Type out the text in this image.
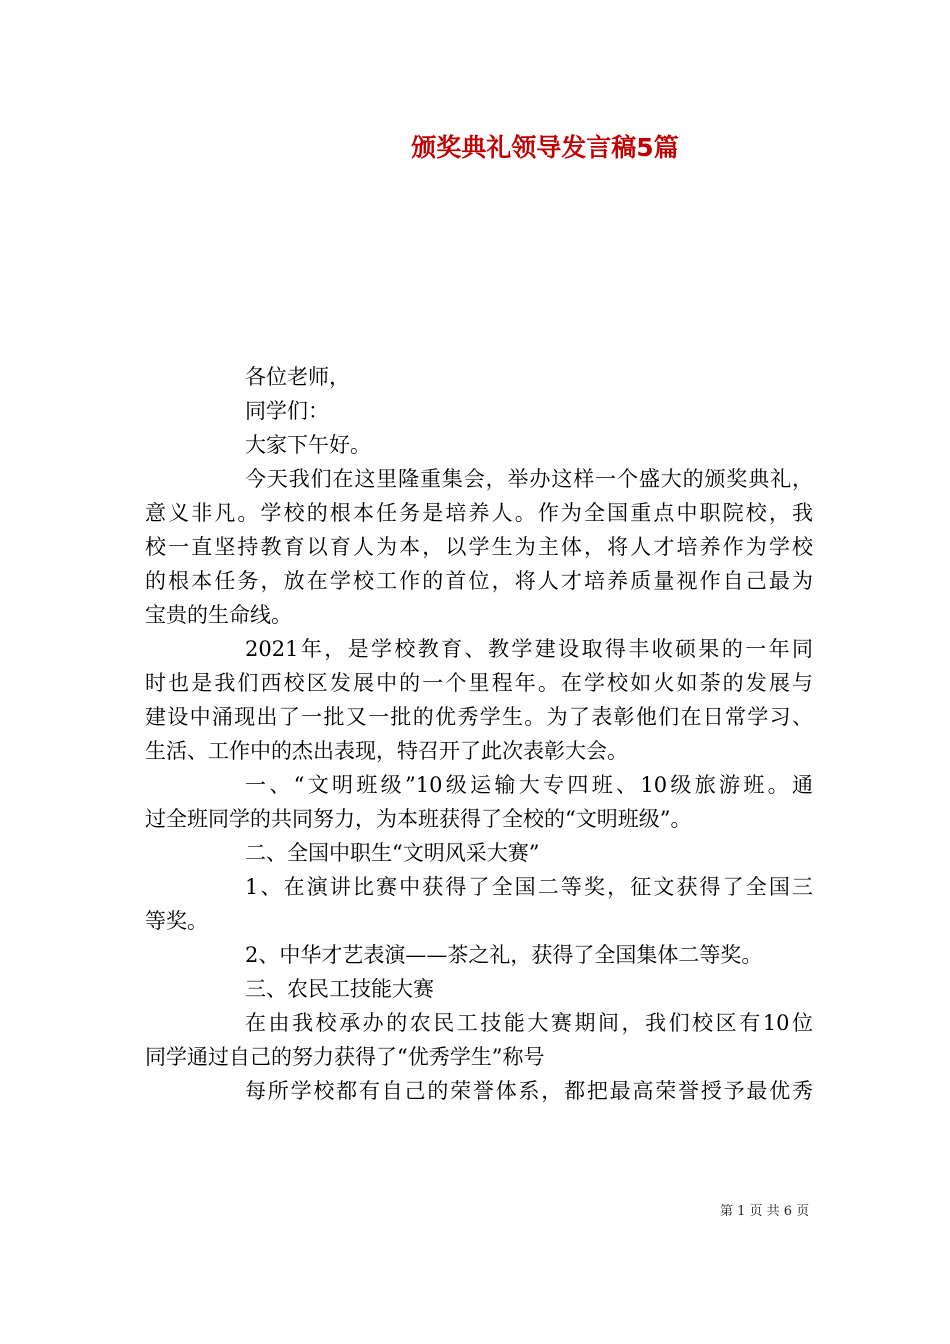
颁奖典礼领导发言稿5篇
各位老师，
同学们：
大家下午好。
今天我们在这里隆重集会，举办这样一个盛大的颁奖典礼，
意义非凡。学校的根本任务是培养人。作为全国重点中职院校，我
校一直坚持教育以育人为本，以学生为主体，将人才培养作为学校
的根本任务，放在学校工作的首位，将人才培养质量视作自己最为
宝贵的生命线。
2021年，是学校教育、教学建设取得丰收硕果的一年同
时也是我们西校区发展中的一个里程年。在学校如火如荼的发展与
建设中涌现出了一批又一批的优秀学生。为了表彰他们在日常学习、
生活、工作中的杰出表现，特召开了此次表彰大会。
一、“文明班级”10级运输大专四班、10级旅游班。通
过全班同学的共同努力，为本班获得了全校的“文明班级”。
二、全国中职生“文明风采大赛”
1、在演讲比赛中获得了全国二等奖，征文获得了全国三
等奖。
2、中华才艺表演——茶之礼，获得了全国集体二等奖。
三、农民工技能大赛
在由我校承办的农民工技能大赛期间，我们校区有10位
同学通过自己的努力获得了“优秀学生”称号
每所学校都有自己的荣誉体系，都把最高荣誉授予最优秀
第 1 页 共 6 页
